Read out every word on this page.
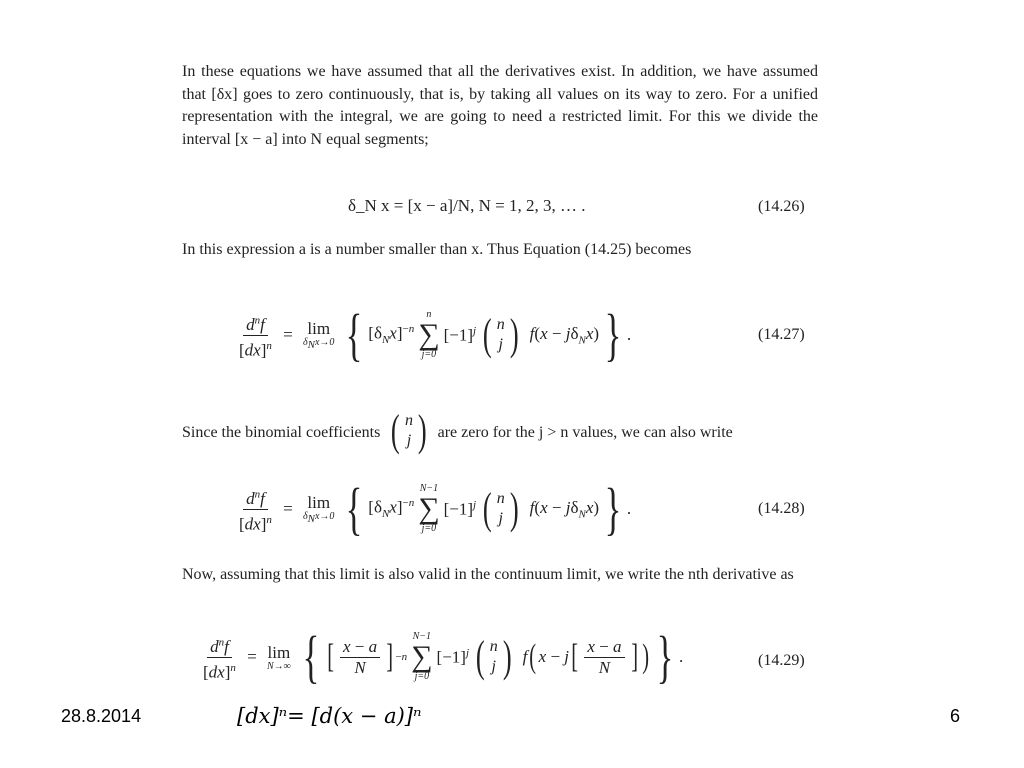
In these equations we have assumed that all the derivatives exist. In addition, we have assumed that [δx] goes to zero continuously, that is, by taking all values on its way to zero. For a unified representation with the integral, we are going to need a restricted limit. For this we divide the interval [x − a] into N equal segments;

δ_N x = [x − a]/N, N = 1, 2, 3, … .	(14.26)

In this expression a is a number smaller than x. Thus Equation (14.25) becomes

$\frac{d^nf}{[dx]^n} = \lim$
$\delta_Nx\to 0$ { $[\delta_Nx]^{-n}$
n
∑
j=0
$[-1]^j$ ( n
j ) $f(x - j\delta_Nx)$ } .	(14.27)

Since the binomial coefficients ( n
j ) are zero for the j > n values, we can also write

$\frac{d^nf}{[dx]^n} = \lim$
$\delta_Nx\to 0$ { $[\delta_Nx]^{-n}$
N−1
∑
j=0
$[-1]^j$ ( n
j ) $f(x - j\delta_Nx)$ } .	(14.28)

Now, assuming that this limit is also valid in the continuum limit, we write the nth derivative as

$\frac{d^nf}{[dx]^n} = \lim$
N→∞ { [ $\frac{x - a}{N}$ ] −n
N−1
∑
j=0
$[-1]^j$ ( n
j ) f ( x − j [ $\frac{x - a}{N}$ ] ) } .	(14.29)
28.8.2014	[dx]ⁿ= [d(x − a)]ⁿ	6
